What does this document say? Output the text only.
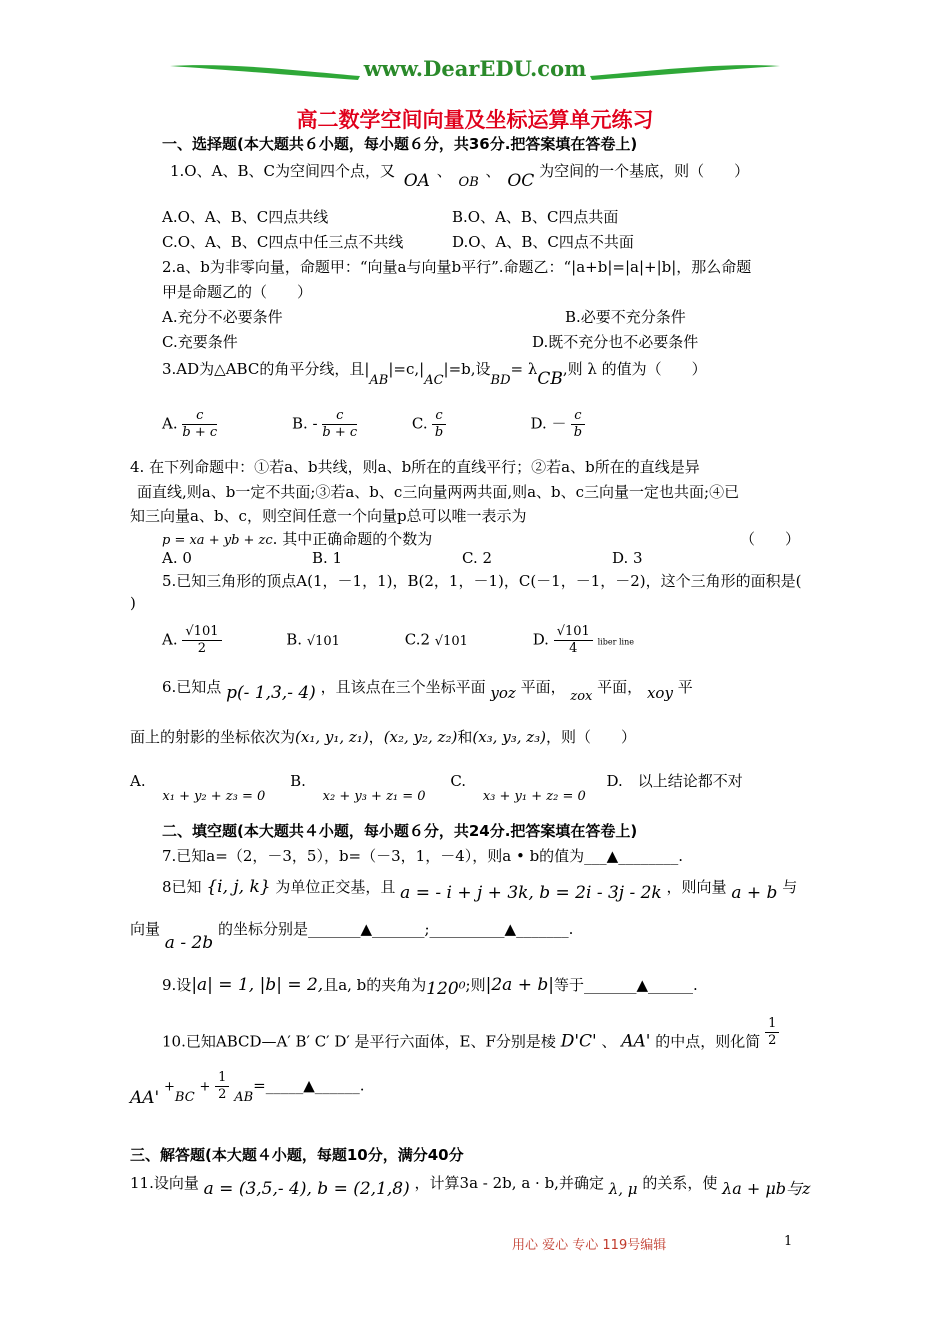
www.DearEDU.com
高二数学空间向量及坐标运算单元练习
一、选择题(本大题共６小题，每小题６分，共36分.把答案填在答卷上)
1.O、A、B、C为空间四个点，又 OA 、 OB 、 OC 为空间的一个基底，则（　　）
A.O、A、B、C四点共线	B.O、A、B、C四点共面
C.O、A、B、C四点中任三点不共线	D.O、A、B、C四点不共面
2.a、b为非零向量，命题甲：“向量a与向量b平行”.命题乙：“|a+b|=|a|+|b|，那么命题
甲是命题乙的（　　）
A.充分不必要条件	B.必要不充分条件
C.充要条件	D.既不充分也不必要条件
3.AD为△ABC的角平分线，且|AB|=c,|AC|=b,设BD= λCB,则 λ 的值为（　　）
A. $\frac{c}{b + c}$	B. - $\frac{c}{b + c}$	C. $\frac{c}{b}$	D. － $\frac{c}{b}$
4. 在下列命题中：①若a、b共线，则a、b所在的直线平行；②若a、b所在的直线是异
面直线,则a、b一定不共面;③若a、b、c三向量两两共面,则a、b、c三向量一定也共面;④已
知三向量a、b、c，则空间任意一个向量p总可以唯一表示为
p = xa + yb + zc. 其中正确命题的个数为	（　　）
A. 0	B. 1	C. 2	D. 3
5.已知三角形的顶点A(1，－1，1)，B(2，1，－1)，C(－1，－1，－2)，这个三角形的面积是(
)
A. $\frac{√101}{2}$	B. √101	C.2 √101	D. $\frac{√101}{4}$ liber line
6.已知点 p(- 1,3,- 4) ，且该点在三个坐标平面 yoz 平面， zox 平面， xoy 平
面上的射影的坐标依次为(x₁, y₁, z₁)，(x₂, y₂, z₂)和(x₃, y₃, z₃)，则（　　）
A. x₁ + y₂ + z₃ = 0 B. x₂ + y₃ + z₁ = 0 C. x₃ + y₁ + z₂ = 0 D.　以上结论都不对
二、填空题(本大题共４小题，每小题６分，共24分.把答案填在答卷上)
7.已知a=（2，－3，5），b=（－3，1，－4），则a • b的值为___▲________.
8已知 {i, j, k} 为单位正交基，且 a = - i + j + 3k, b = 2i - 3j - 2k ，则向量 a + b 与
向量 a - 2b 的坐标分别是_______▲_______;__________▲_______.
9.设|a| = 1, |b| = 2,且a, b的夹角为120⁰;则|2a + b|等于_______▲______.
10.已知ABCD—A′ B′ C′ D′ 是平行六面体，E、F分别是棱 D'C' 、 AA' 的中点，则化简 $\frac{1}{2}$
$AA' +BC + \frac{1}{2}$ AB=_____▲______.
三、解答题(本大题４小题，每题10分，满分40分
11.设向量 a = (3,5,- 4), b = (2,1,8) ，计算3a - 2b, a · b,并确定 λ, μ 的关系，使 λa + μb与z
用心 爱心 专心 119号编辑	1
